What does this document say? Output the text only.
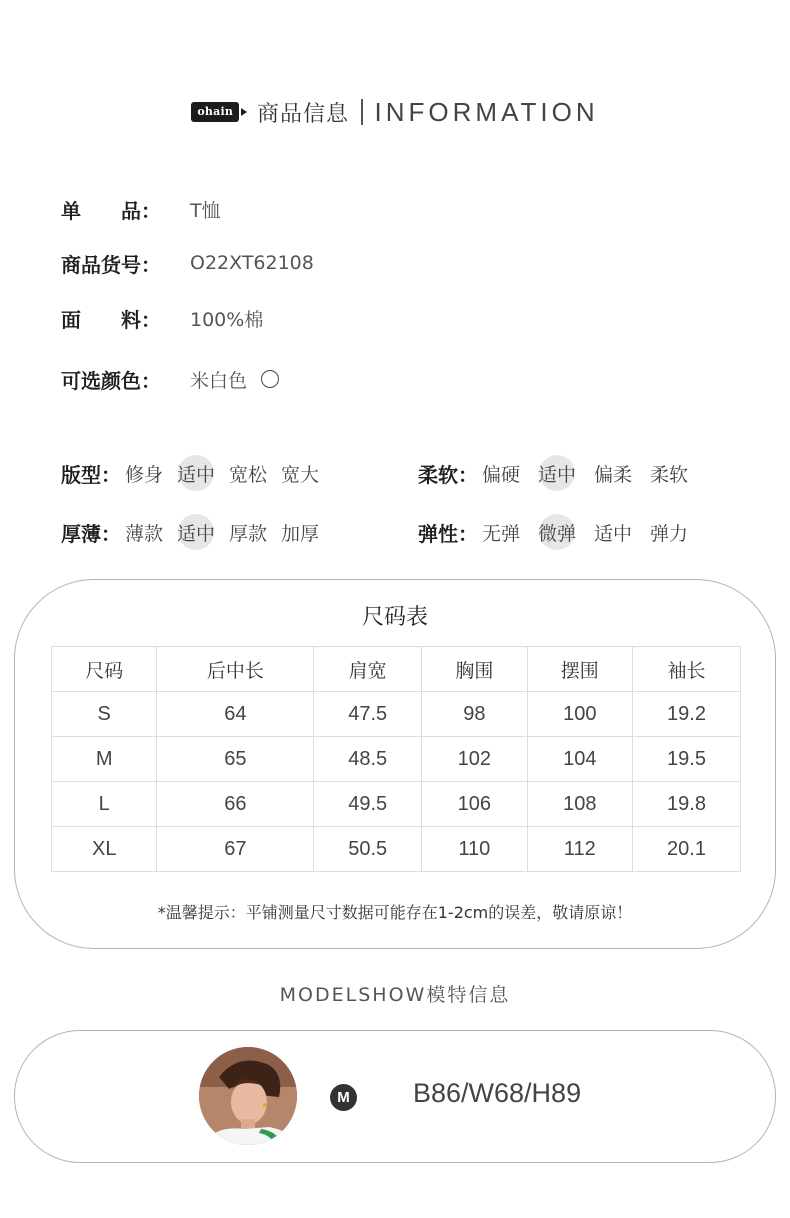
ohain 商品信息 INFORMATION
单　　品：	T恤
商品货号：	O22XT62108
面　　料：	100%棉
可选颜色：	米白色
版型： 修身 适中 宽松 宽大	柔软： 偏硬 适中 偏柔 柔软
厚薄： 薄款 适中 厚款 加厚	弹性： 无弹 微弹 适中 弹力
尺码表
尺码	后中长	肩宽	胸围	摆围	袖长
S	64	47.5	98	100	19.2
M	65	48.5	102	104	19.5
L	66	49.5	106	108	19.8
XL	67	50.5	110	112	20.1
*温馨提示：平铺测量尺寸数据可能存在1-2cm的误差，敬请原谅！
MODELSHOW模特信息
M B86/W68/H89
